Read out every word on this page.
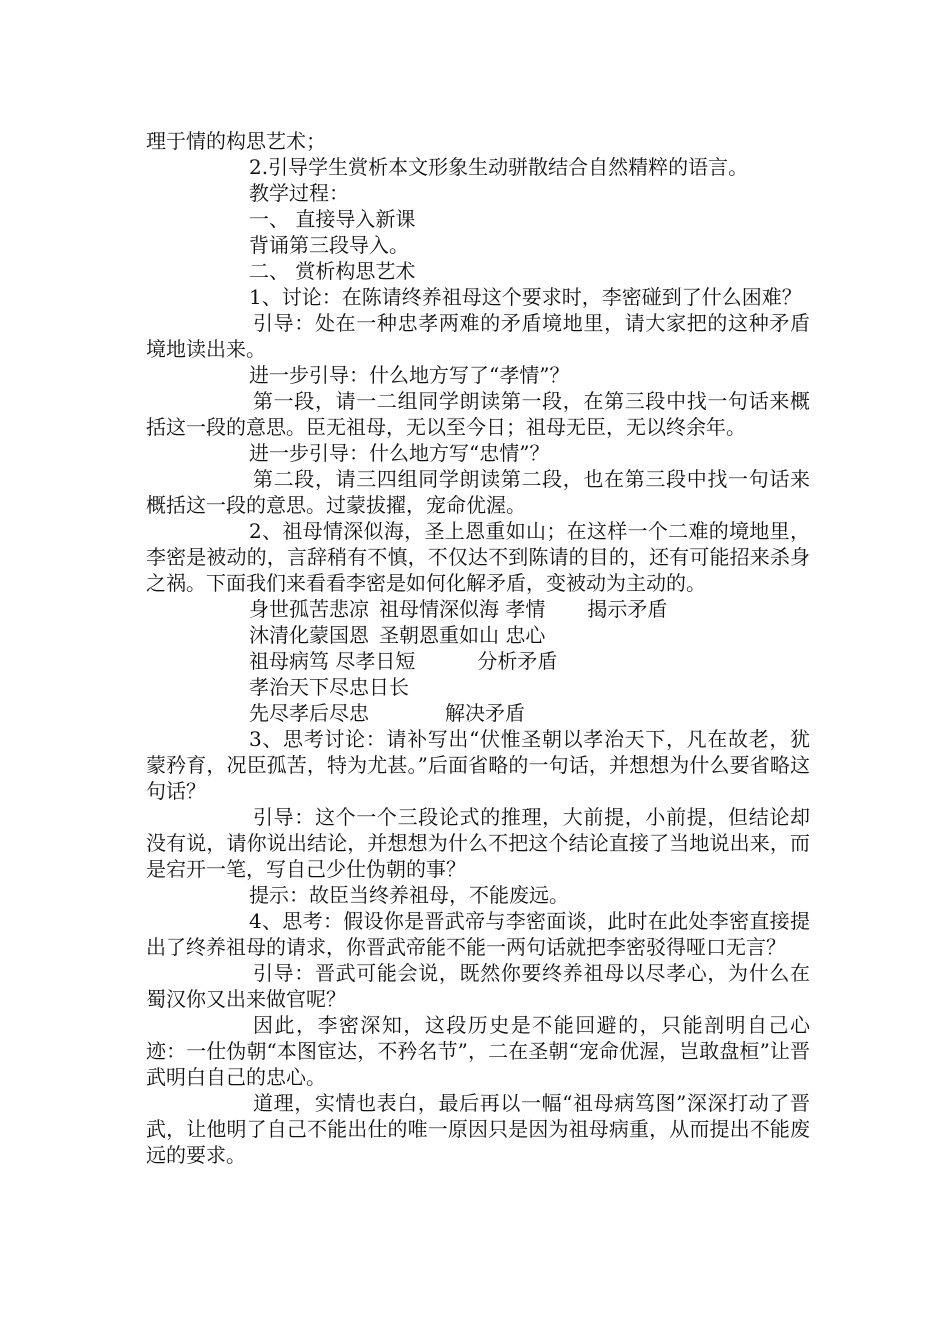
理于情的构思艺术；

2.引导学生赏析本文形象生动骈散结合自然精粹的语言。

教学过程：

一、 直接导入新课

背诵第三段导入。

二、 赏析构思艺术

1、讨论：在陈请终养祖母这个要求时，李密碰到了什么困难？

引导：处在一种忠孝两难的矛盾境地里，请大家把的这种矛盾境地读出来。

进一步引导：什么地方写了“孝情”？

第一段，请一二组同学朗读第一段，在第三段中找一句话来概括这一段的意思。臣无祖母，无以至今日；祖母无臣，无以终余年。

进一步引导：什么地方写“忠情”？

第二段，请三四组同学朗读第二段，也在第三段中找一句话来概括这一段的意思。过蒙拔擢，宠命优渥。

2、祖母情深似海，圣上恩重如山；在这样一个二难的境地里，李密是被动的，言辞稍有不慎，不仅达不到陈请的目的，还有可能招来杀身之祸。下面我们来看看李密是如何化解矛盾，变被动为主动的。

身世孤苦悲凉 祖母情深似海 孝情 揭示矛盾
沐清化蒙国恩 圣朝恩重如山 忠心
祖母病笃 尽孝日短	分析矛盾
孝治天下尽忠日长
先尽孝后尽忠	解决矛盾

3、思考讨论：请补写出“伏惟圣朝以孝治天下，凡在故老，犹蒙矜育，况臣孤苦，特为尤甚。”后面省略的一句话，并想想为什么要省略这句话？

引导：这个一个三段论式的推理，大前提，小前提，但结论却没有说，请你说出结论，并想想为什么不把这个结论直接了当地说出来，而是宕开一笔，写自己少仕伪朝的事？

提示：故臣当终养祖母，不能废远。

4、思考：假设你是晋武帝与李密面谈，此时在此处李密直接提出了终养祖母的请求，你晋武帝能不能一两句话就把李密驳得哑口无言？

引导：晋武可能会说，既然你要终养祖母以尽孝心，为什么在蜀汉你又出来做官呢？

因此，李密深知，这段历史是不能回避的，只能剖明自己心迹：一仕伪朝“本图宦达，不矜名节”，二在圣朝“宠命优渥，岂敢盘桓”让晋武明白自己的忠心。

道理，实情也表白，最后再以一幅“祖母病笃图”深深打动了晋武，让他明了自己不能出仕的唯一原因只是因为祖母病重，从而提出不能废远的要求。
